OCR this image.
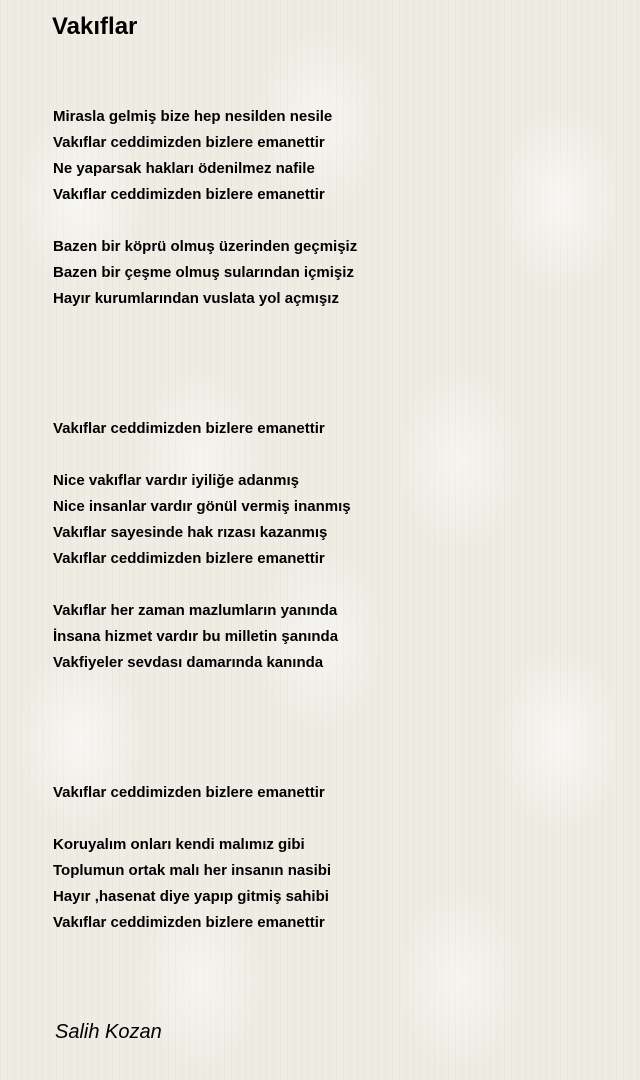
Vakıflar
Mirasla gelmiş bize hep nesilden nesile
Vakıflar ceddimizden bizlere emanettir
Ne yaparsak hakları ödenilmez nafile
Vakıflar ceddimizden bizlere emanettir
Bazen bir köprü olmuş üzerinden geçmişiz
Bazen bir çeşme olmuş sularından içmişiz
Hayır kurumlarından vuslata yol açmışız
Vakıflar ceddimizden bizlere emanettir
Nice vakıflar vardır iyiliğe adanmış
Nice insanlar vardır gönül vermiş inanmış
Vakıflar sayesinde hak rızası kazanmış
Vakıflar ceddimizden bizlere emanettir
Vakıflar her zaman mazlumların yanında
İnsana hizmet vardır bu milletin şanında
Vakfiyeler sevdası damarında kanında
Vakıflar ceddimizden bizlere emanettir
Koruyalım onları kendi malımız gibi
Toplumun ortak malı her insanın nasibi
Hayır ,hasenat diye yapıp gitmiş sahibi
Vakıflar ceddimizden bizlere emanettir
Salih Kozan
